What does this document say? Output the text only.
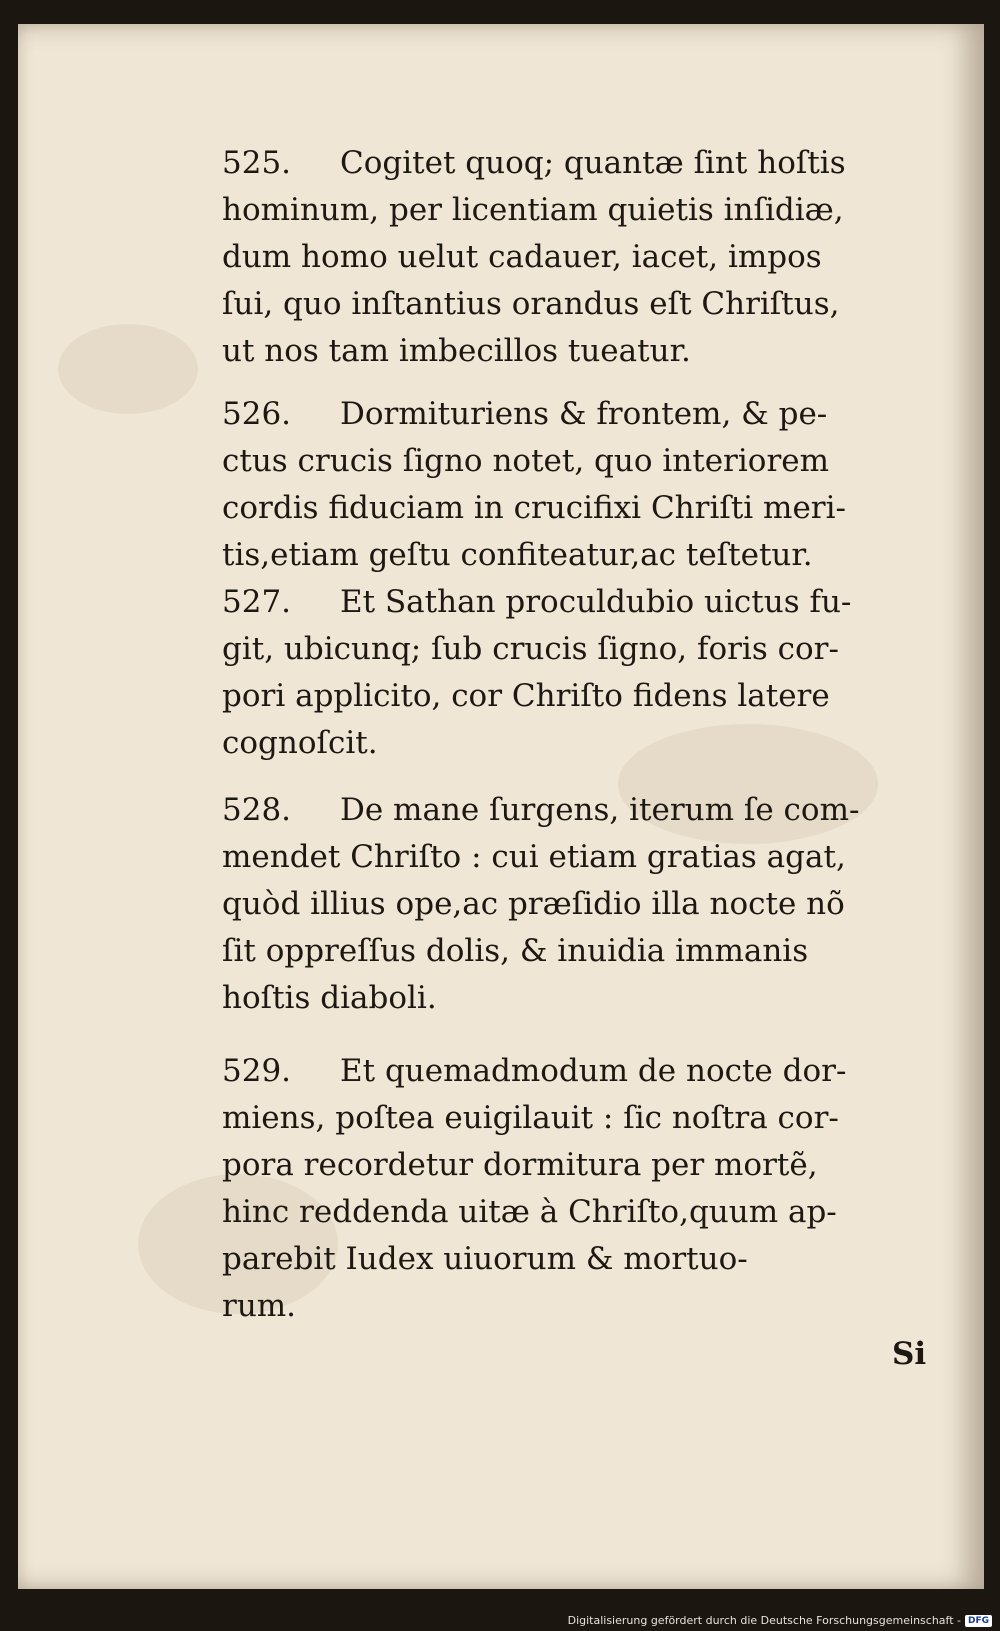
525. Cogitet quoq; quantæ ſint hoſtis
hominum, per licentiam quietis inſidiæ,
dum homo uelut cadauer, iacet, impos
ſui, quo inſtantius orandus eſt Chriſtus,
ut nos tam imbecillos tueatur.

526. Dormituriens & frontem, & pe-
ctus crucis ſigno notet, quo interiorem
cordis fiduciam in crucifixi Chriſti meri-
tis,etiam geſtu confiteatur,ac teſtetur.

527. Et Sathan proculdubio uictus fu-
git, ubicunq; ſub crucis ſigno, foris cor-
pori applicito, cor Chriſto fidens latere
cognoſcit.

528. De mane ſurgens, iterum ſe com-
mendet Chriſto : cui etiam gratias agat,
quòd illius ope,ac præſidio illa nocte nõ
ſit oppreſſus dolis, & inuidia immanis
hoſtis diaboli.

529. Et quemadmodum de nocte dor-
miens, poſtea euigilauit : ſic noſtra cor-
pora recordetur dormitura per mortẽ,
hinc reddenda uitæ à Chriſto,quum ap-
parebit Iudex uiuorum & mortuo-
rum.

Si
Digitalisierung gefördert durch die Deutsche Forschungsgemeinschaft - DFG
